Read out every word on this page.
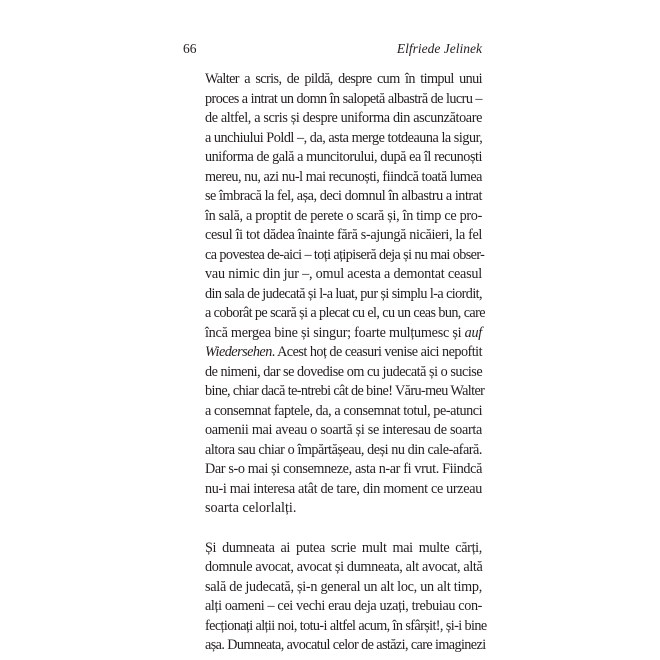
66	Elfriede Jelinek
Walter a scris, de pildă, despre cum în timpul unui
proces a intrat un domn în salopetă albastră de lucru –
de altfel, a scris și despre uniforma din ascunzătoare
a unchiului Poldl –, da, asta merge totdeauna la sigur,
uniforma de gală a muncitorului, după ea îl recunoști
mereu, nu, azi nu-l mai recunoști, fiindcă toată lumea
se îmbracă la fel, așa, deci domnul în albastru a intrat
în sală, a proptit de perete o scară și, în timp ce pro-
cesul îi tot dădea înainte fără s-ajungă nicăieri, la fel
ca povestea de-aici – toți ațipiseră deja și nu mai obser-
vau nimic din jur –, omul acesta a demontat ceasul
din sala de judecată și l-a luat, pur și simplu l-a ciordit,
a coborât pe scară și a plecat cu el, cu un ceas bun, care
încă mergea bine și singur; foarte mulțumesc și auf
Wiedersehen. Acest hoț de ceasuri venise aici nepoftit
de nimeni, dar se dovedise om cu judecată și o sucise
bine, chiar dacă te-ntrebi cât de bine! Văru-meu Walter
a consemnat faptele, da, a consemnat totul, pe-atunci
oamenii mai aveau o soartă și se interesau de soarta
altora sau chiar o împărtășeau, deși nu din cale-afară.
Dar s-o mai și consemneze, asta n-ar fi vrut. Fiindcă
nu-i mai interesa atât de tare, din moment ce urzeau
soarta celorlalți.
Și dumneata ai putea scrie mult mai multe cărți,
domnule avocat, avocat și dumneata, alt avocat, altă
sală de judecată, și-n general un alt loc, un alt timp,
alți oameni – cei vechi erau deja uzați, trebuiau con-
fecționați alții noi, totu-i altfel acum, în sfârșit!, și-i bine
așa. Dumneata, avocatul celor de astăzi, care imaginezi
